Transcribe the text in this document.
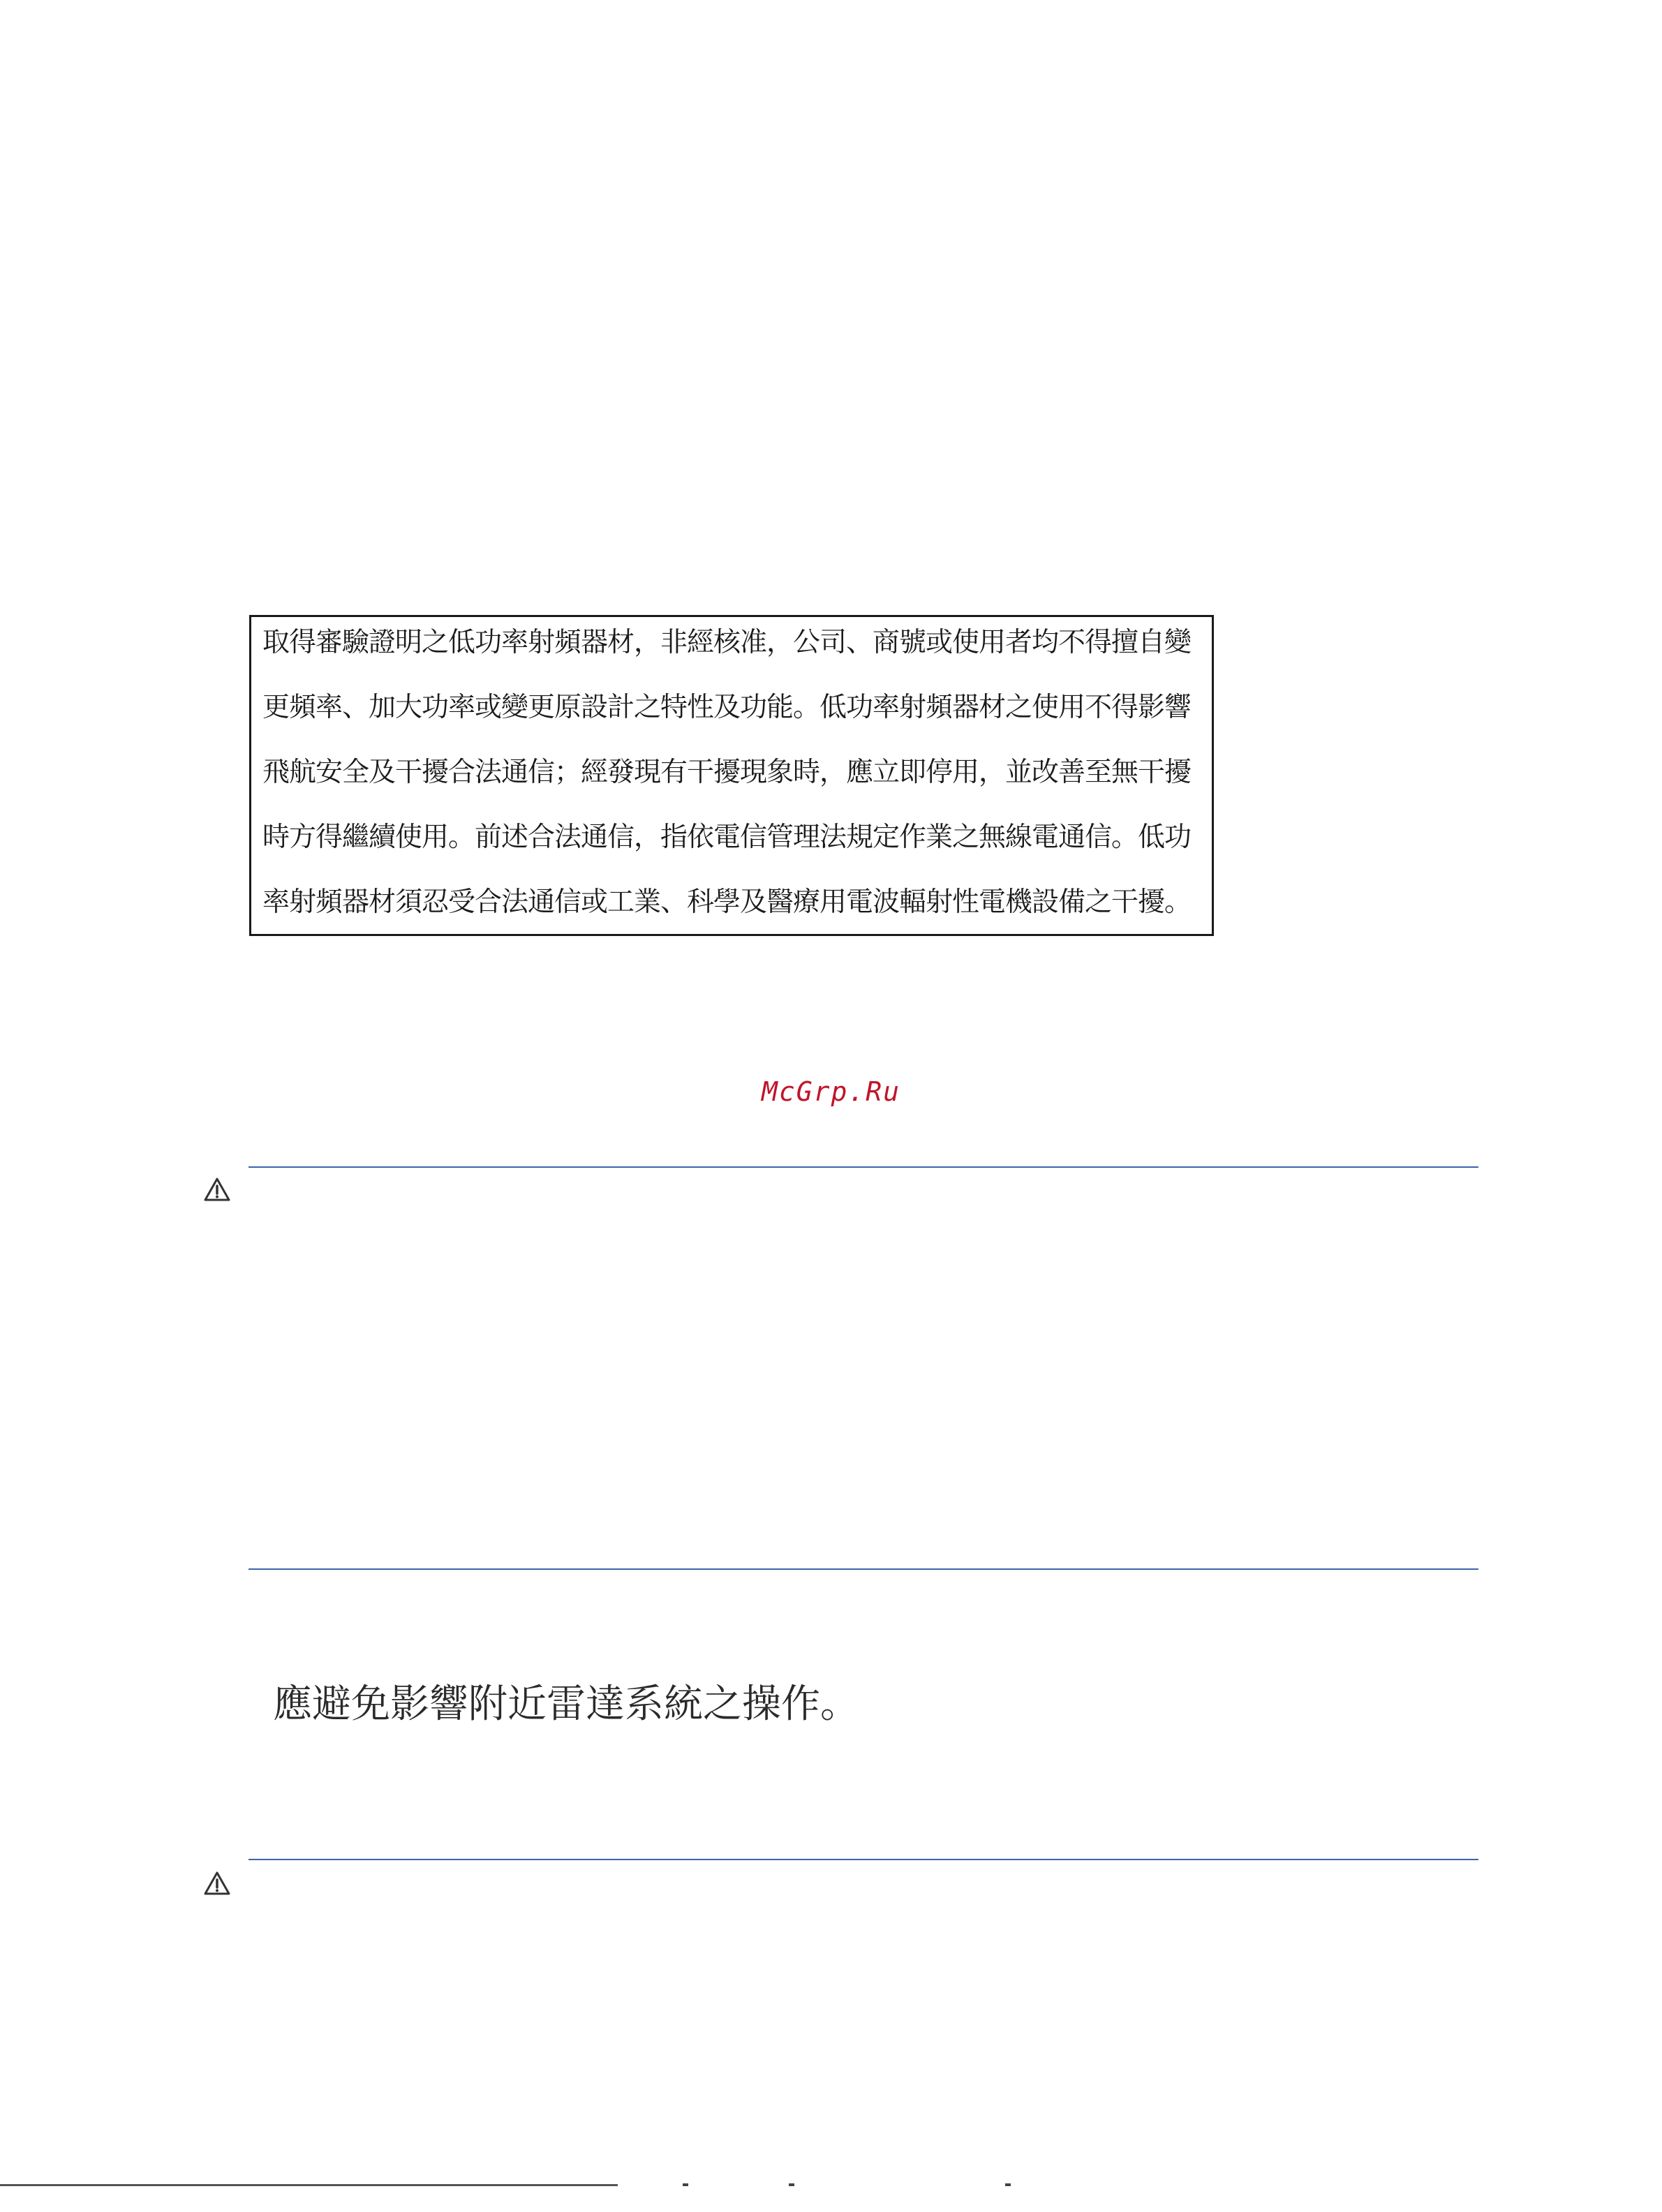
取得審驗證明之低功率射頻器材，非經核准，公司、商號或使用者均不得擅自變
更頻率、加大功率或變更原設計之特性及功能。低功率射頻器材之使用不得影響
飛航安全及干擾合法通信；經發現有干擾現象時，應立即停用，並改善至無干擾
時方得繼續使用。前述合法通信，指依電信管理法規定作業之無線電通信。低功
率射頻器材須忍受合法通信或工業、科學及醫療用電波輻射性電機設備之干擾。
McGrp.Ru
應避免影響附近雷達系統之操作。
